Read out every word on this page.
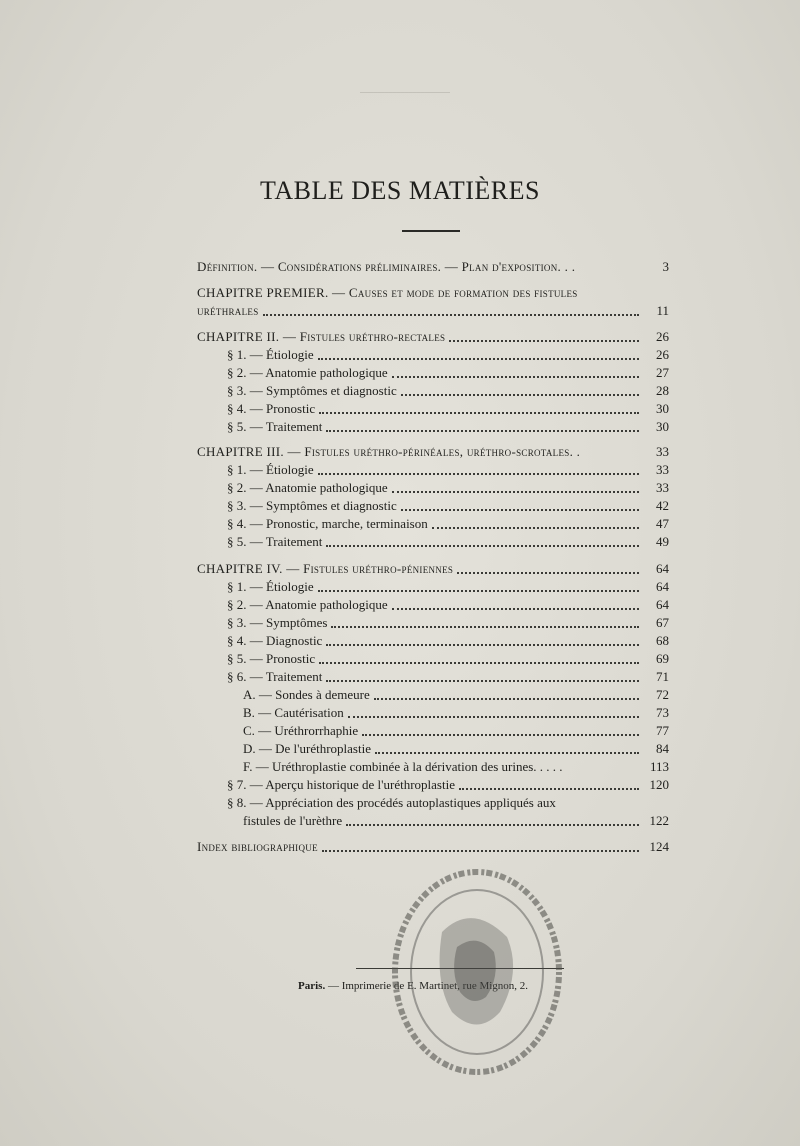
TABLE DES MATIÈRES
Définition. — Considérations préliminaires. — Plan d'exposition. . .	3
CHAPITRE PREMIER. — Causes et mode de formation des fistules
uréthrales	11
CHAPITRE II. — Fistules uréthro-rectales	26
§ 1. — Étiologie	26
§ 2. — Anatomie pathologique	27
§ 3. — Symptômes et diagnostic	28
§ 4. — Pronostic	30
§ 5. — Traitement	30
CHAPITRE III. — Fistules uréthro-périnéales, uréthro-scrotales. .	33
§ 1. — Étiologie	33
§ 2. — Anatomie pathologique	33
§ 3. — Symptômes et diagnostic	42
§ 4. — Pronostic, marche, terminaison	47
§ 5. — Traitement	49
CHAPITRE IV. — Fistules uréthro-péniennes	64
§ 1. — Étiologie	64
§ 2. — Anatomie pathologique	64
§ 3. — Symptômes	67
§ 4. — Diagnostic	68
§ 5. — Pronostic	69
§ 6. — Traitement	71
A. — Sondes à demeure	72
B. — Cautérisation	73
C. — Uréthrorrhaphie	77
D. — De l'uréthroplastie	84
F. — Uréthroplastie combinée à la dérivation des urines. . . . .	113
§ 7. — Aperçu historique de l'uréthroplastie	120
§ 8. — Appréciation des procédés autoplastiques appliqués aux
fistules de l'urèthre	122
Index bibliographique	124
Paris. — Imprimerie de E. Martinet, rue Mignon, 2.
